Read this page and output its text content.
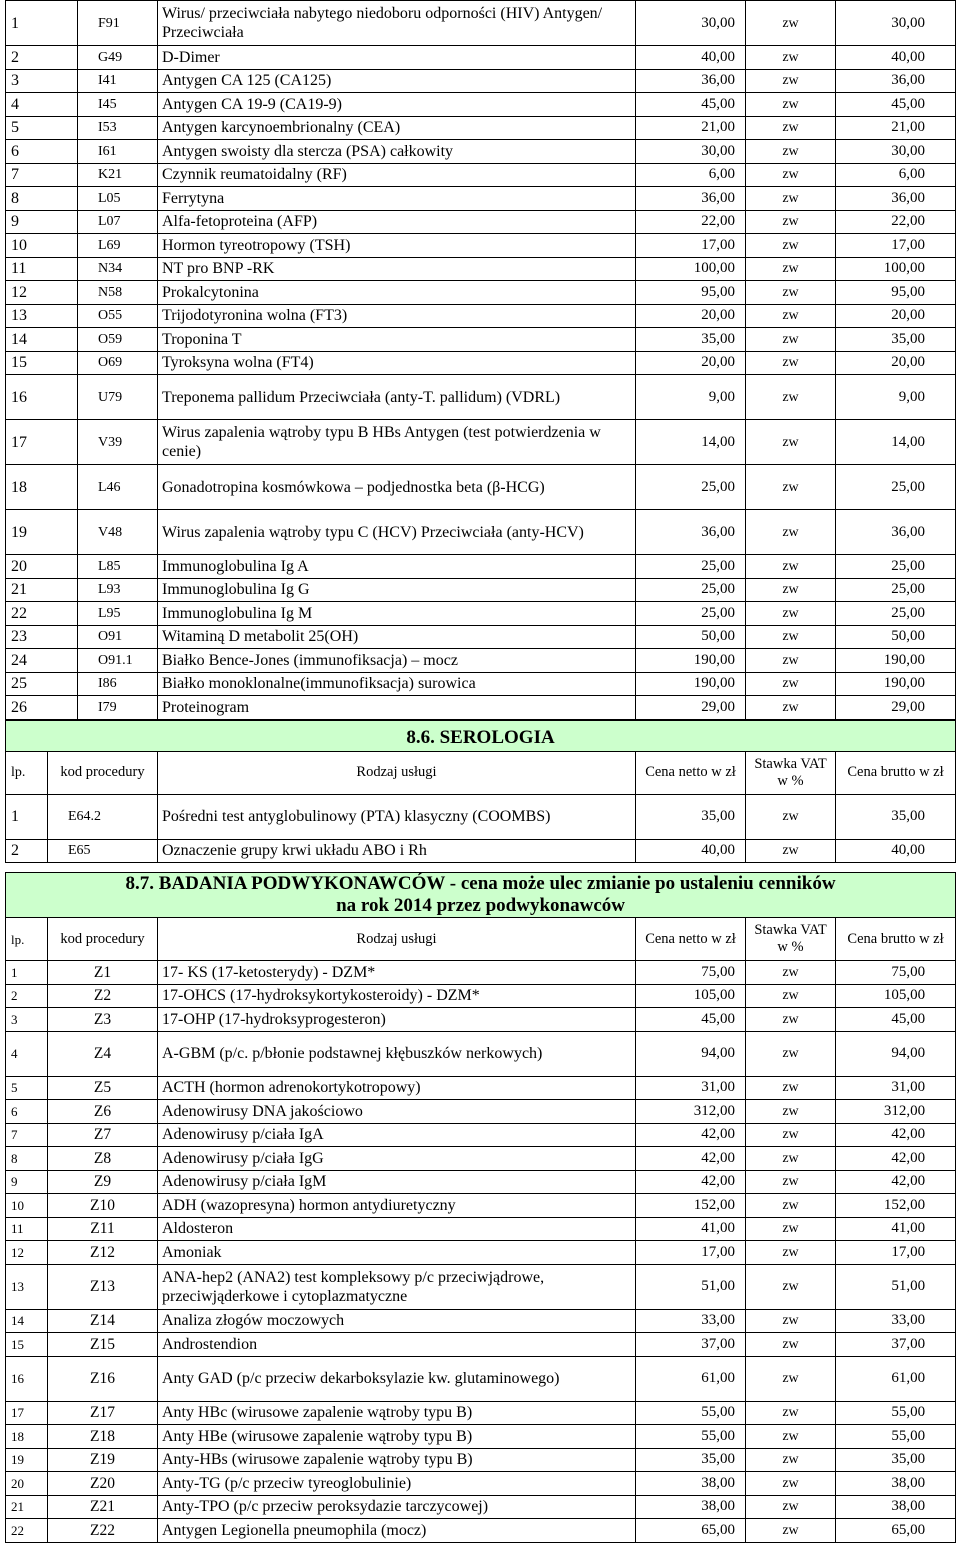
1	F91	Wirus/ przeciwciała nabytego niedoboru odporności (HIV) Antygen/ Przeciwciała	30,00	zw	30,00
2	G49	D-Dimer	40,00	zw	40,00
3	I41	Antygen CA 125 (CA125)	36,00	zw	36,00
4	I45	Antygen CA 19-9 (CA19-9)	45,00	zw	45,00
5	I53	Antygen karcynoembrionalny (CEA)	21,00	zw	21,00
6	I61	Antygen swoisty dla stercza (PSA) całkowity	30,00	zw	30,00
7	K21	Czynnik reumatoidalny (RF)	6,00	zw	6,00
8	L05	Ferrytyna	36,00	zw	36,00
9	L07	Alfa-fetoproteina (AFP)	22,00	zw	22,00
10	L69	Hormon tyreotropowy (TSH)	17,00	zw	17,00
11	N34	NT pro BNP -RK	100,00	zw	100,00
12	N58	Prokalcytonina	95,00	zw	95,00
13	O55	Trijodotyronina wolna (FT3)	20,00	zw	20,00
14	O59	Troponina T	35,00	zw	35,00
15	O69	Tyroksyna wolna (FT4)	20,00	zw	20,00
16	U79	Treponema pallidum Przeciwciała (anty-T. pallidum) (VDRL)	9,00	zw	9,00
17	V39	Wirus zapalenia wątroby typu B HBs Antygen (test potwierdzenia w cenie)	14,00	zw	14,00
18	L46	Gonadotropina kosmówkowa – podjednostka beta (β-HCG)	25,00	zw	25,00
19	V48	Wirus zapalenia wątroby typu C (HCV) Przeciwciała (anty-HCV)	36,00	zw	36,00
20	L85	Immunoglobulina Ig A	25,00	zw	25,00
21	L93	Immunoglobulina Ig G	25,00	zw	25,00
22	L95	Immunoglobulina Ig M	25,00	zw	25,00
23	O91	Witaminą D metabolit 25(OH)	50,00	zw	50,00
24	O91.1	Białko Bence-Jones (immunofiksacja) – mocz	190,00	zw	190,00
25	I86	Białko monoklonalne(immunofiksacja) surowica	190,00	zw	190,00
26	I79	Proteinogram	29,00	zw	29,00
8.6. SEROLOGIA					
lp.	kod procedury	Rodzaj usługi	Cena netto w zł	Stawka VAT w %	Cena brutto w zł
1	E64.2	Pośredni test antyglobulinowy (PTA) klasyczny (COOMBS)	35,00	zw	35,00
2	E65	Oznaczenie grupy krwi układu ABO i Rh	40,00	zw	40,00
8.7. BADANIA PODWYKONAWCÓW - cena może ulec zmianie po ustaleniu cenników
na rok 2014 przez podwykonawców					
lp.	kod procedury	Rodzaj usługi	Cena netto w zł	Stawka VAT w %	Cena brutto w zł
1	Z1	17- KS (17-ketosterydy) - DZM*	75,00	zw	75,00
2	Z2	17-OHCS (17-hydroksykortykosteroidy) - DZM*	105,00	zw	105,00
3	Z3	17-OHP (17-hydroksyprogesteron)	45,00	zw	45,00
4	Z4	A-GBM (p/c. p/błonie podstawnej kłębuszków nerkowych)	94,00	zw	94,00
5	Z5	ACTH (hormon adrenokortykotropowy)	31,00	zw	31,00
6	Z6	Adenowirusy DNA jakościowo	312,00	zw	312,00
7	Z7	Adenowirusy p/ciała IgA	42,00	zw	42,00
8	Z8	Adenowirusy p/ciała IgG	42,00	zw	42,00
9	Z9	Adenowirusy p/ciała IgM	42,00	zw	42,00
10	Z10	ADH (wazopresyna) hormon antydiuretyczny	152,00	zw	152,00
11	Z11	Aldosteron	41,00	zw	41,00
12	Z12	Amoniak	17,00	zw	17,00
13	Z13	ANA-hep2 (ANA2) test kompleksowy p/c przeciwjądrowe, przeciwjąderkowe i cytoplazmatyczne	51,00	zw	51,00
14	Z14	Analiza złogów moczowych	33,00	zw	33,00
15	Z15	Androstendion	37,00	zw	37,00
16	Z16	Anty GAD (p/c przeciw dekarboksylazie kw. glutaminowego)	61,00	zw	61,00
17	Z17	Anty HBc (wirusowe zapalenie wątroby typu B)	55,00	zw	55,00
18	Z18	Anty HBe (wirusowe zapalenie wątroby typu B)	55,00	zw	55,00
19	Z19	Anty-HBs (wirusowe zapalenie wątroby typu B)	35,00	zw	35,00
20	Z20	Anty-TG (p/c przeciw tyreoglobulinie)	38,00	zw	38,00
21	Z21	Anty-TPO (p/c przeciw peroksydazie tarczycowej)	38,00	zw	38,00
22	Z22	Antygen Legionella pneumophila (mocz)	65,00	zw	65,00
